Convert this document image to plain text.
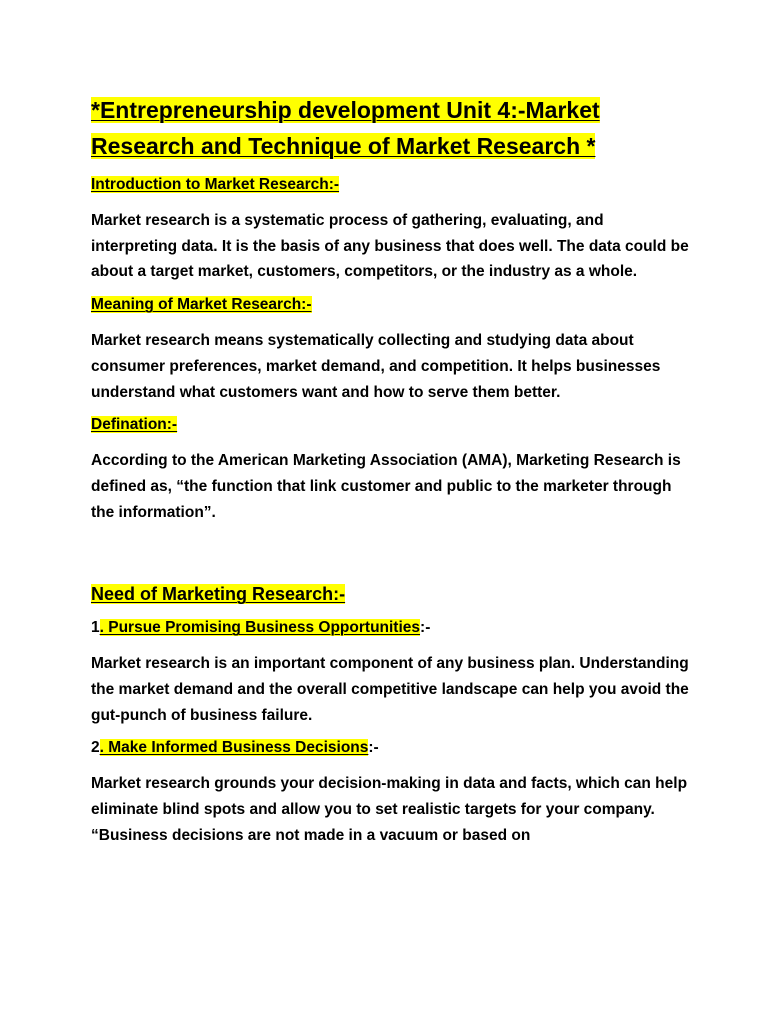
*Entrepreneurship development Unit 4:-Market Research and Technique of Market Research *
Introduction to Market Research:-

Market research is a systematic process of gathering, evaluating, and interpreting data. It is the basis of any business that does well. The data could be about a target market, customers, competitors, or the industry as a whole.

Meaning of Market Research:-

Market research means systematically collecting and studying data about consumer preferences, market demand, and competition. It helps businesses understand what customers want and how to serve them better.

Defination:-

According to the American Marketing Association (AMA), Marketing Research is defined as, “the function that link customer and public to the marketer through the information”.

Need of Marketing Research:-
1. Pursue Promising Business Opportunities:-

Market research is an important component of any business plan. Understanding the market demand and the overall competitive landscape can help you avoid the gut-punch of business failure.

2. Make Informed Business Decisions:-

Market research grounds your decision-making in data and facts, which can help eliminate blind spots and allow you to set realistic targets for your company. “Business decisions are not made in a vacuum or based on
